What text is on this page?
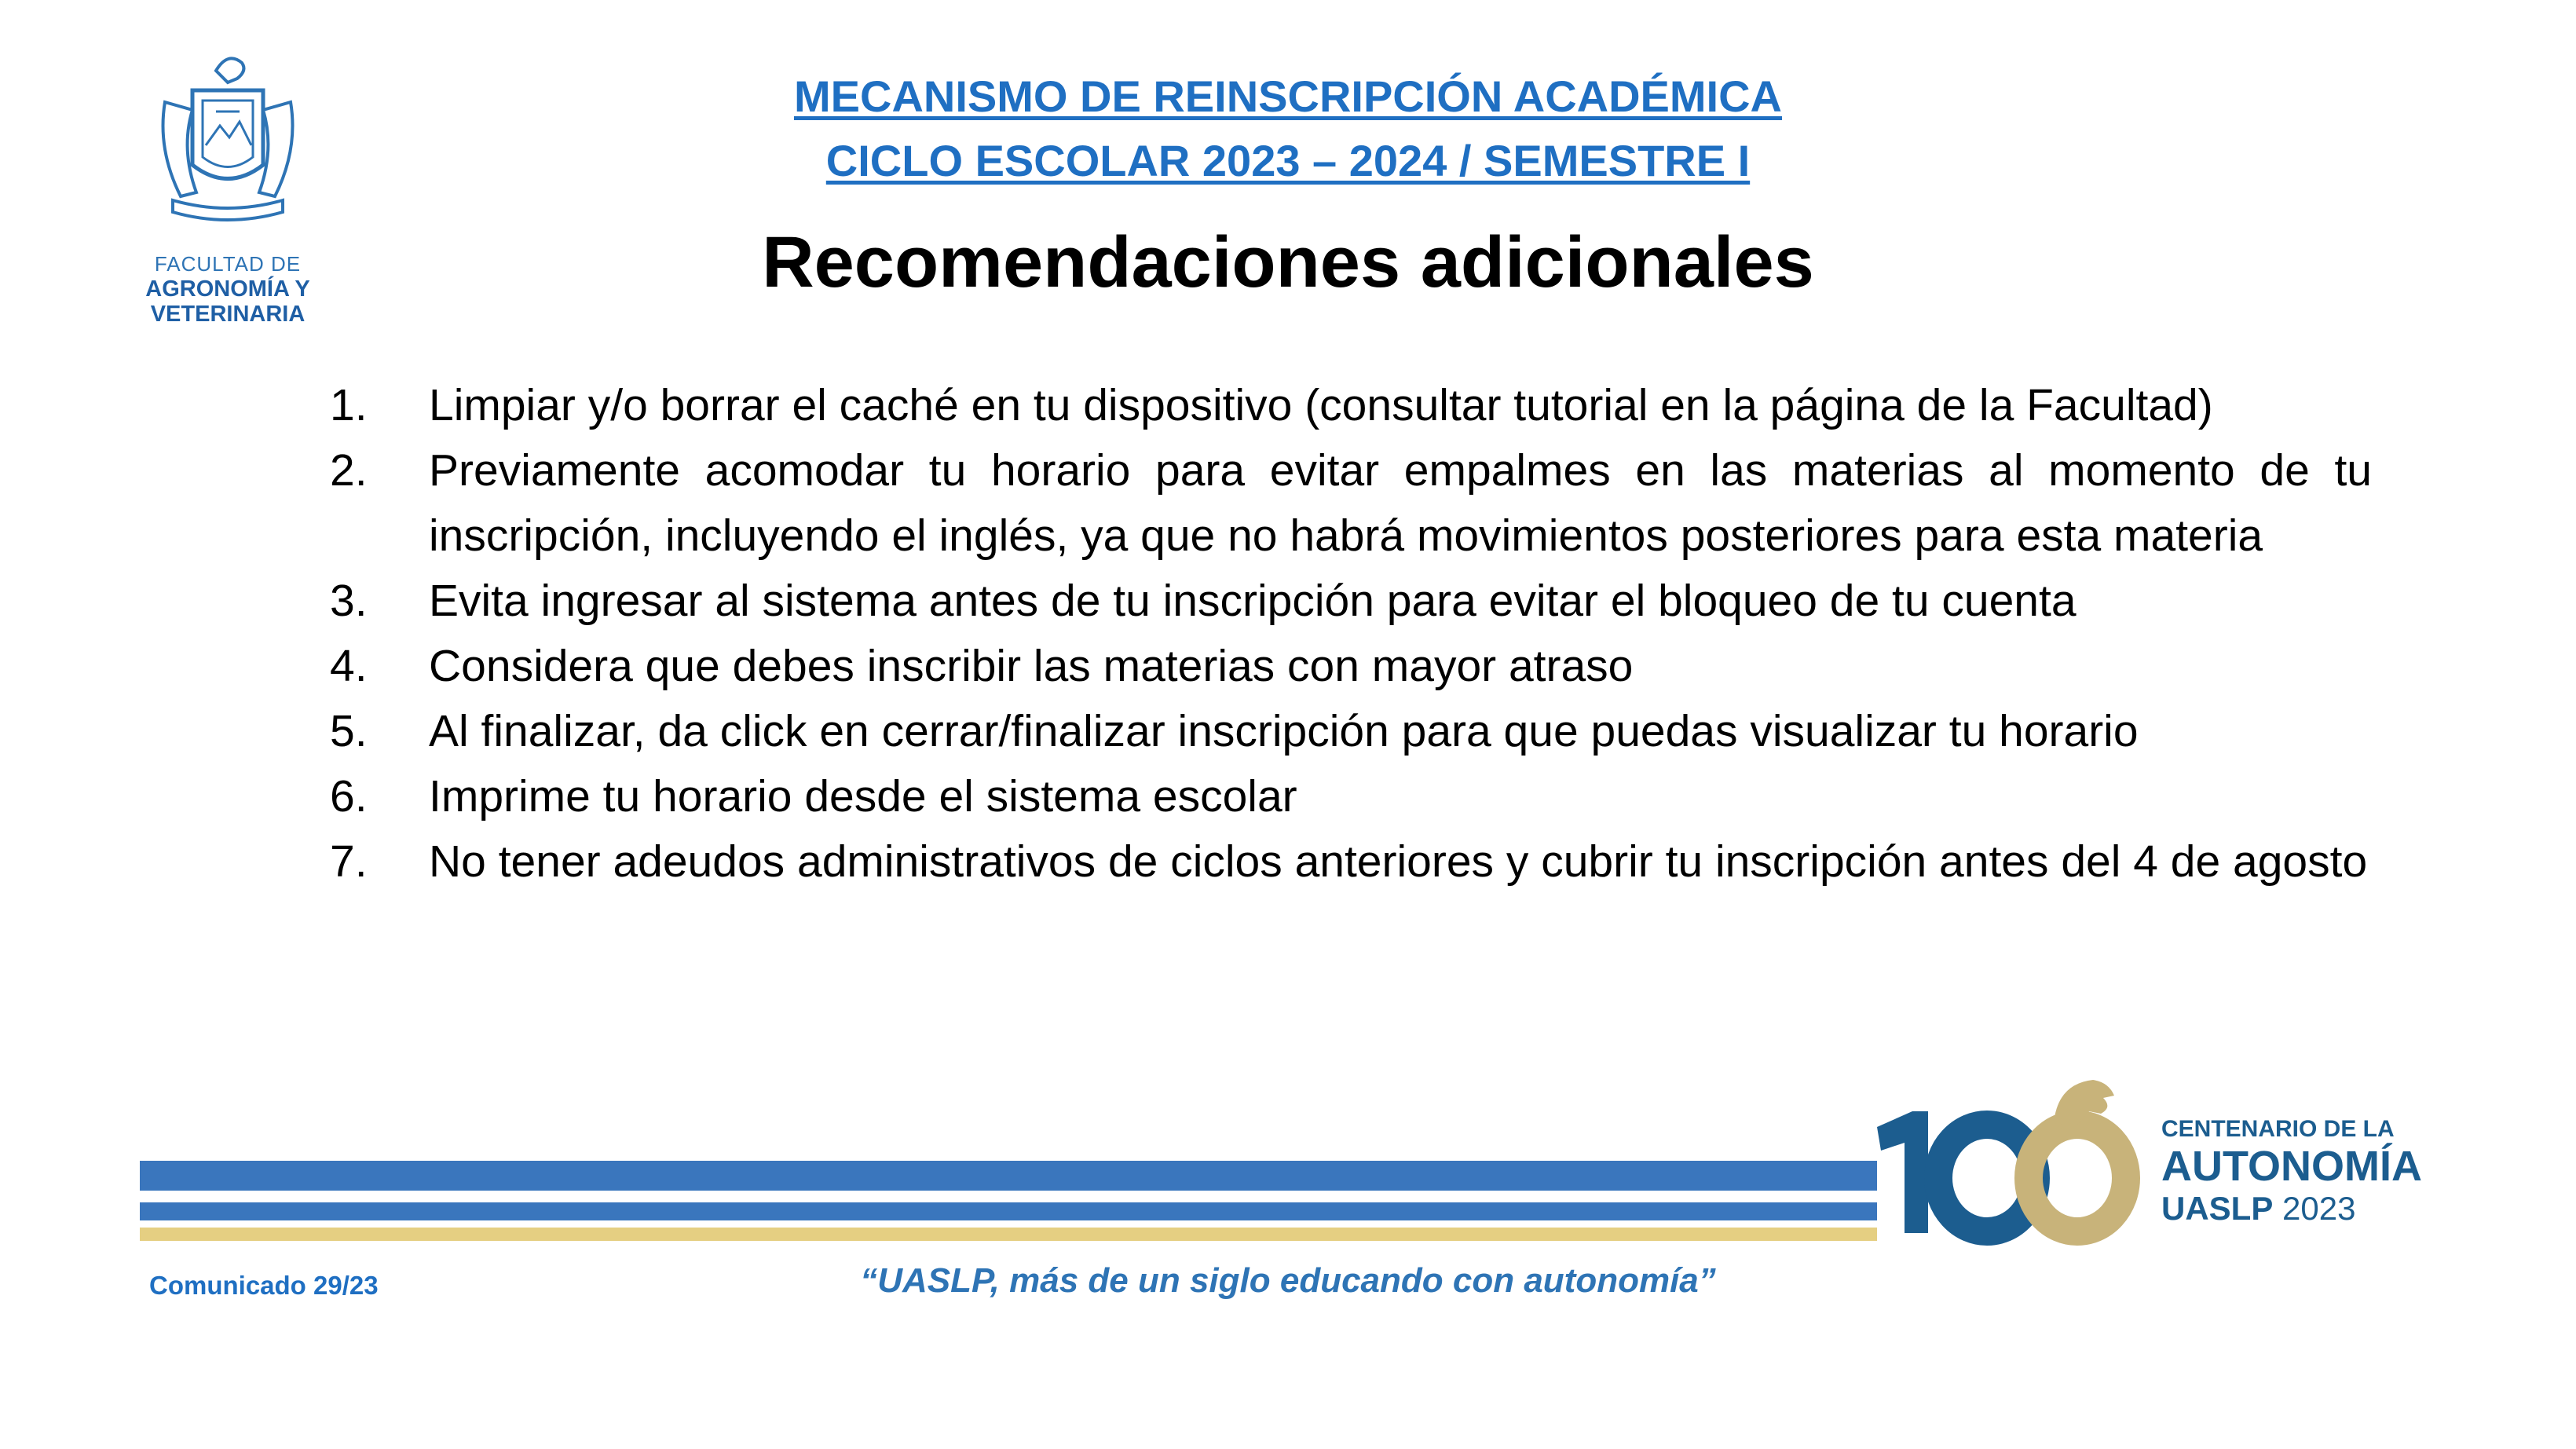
FACULTAD DE
AGRONOMÍA Y
VETERINARIA
MECANISMO DE REINSCRIPCIÓN ACADÉMICA
CICLO ESCOLAR 2023 – 2024 / SEMESTRE I
Recomendaciones adicionales
1.	Limpiar y/o borrar el caché en tu dispositivo (consultar tutorial en la página de la Facultad)
2.	Previamente acomodar tu horario para evitar empalmes en las materias al momento de tu inscripción, incluyendo el inglés, ya que no habrá movimientos posteriores para esta materia
3.	Evita ingresar al sistema antes de tu inscripción para evitar el bloqueo de tu cuenta
4.	Considera que debes inscribir las materias con mayor atraso
5.	Al finalizar, da click en cerrar/finalizar inscripción para que puedas visualizar tu horario
6.	Imprime tu horario desde el sistema escolar
7.	No tener adeudos administrativos de ciclos anteriores y cubrir tu inscripción antes del 4 de agosto
CENTENARIO DE LA
AUTONOMÍA
UASLP 2023
Comunicado 29/23	“UASLP, más de un siglo educando con autonomía”
